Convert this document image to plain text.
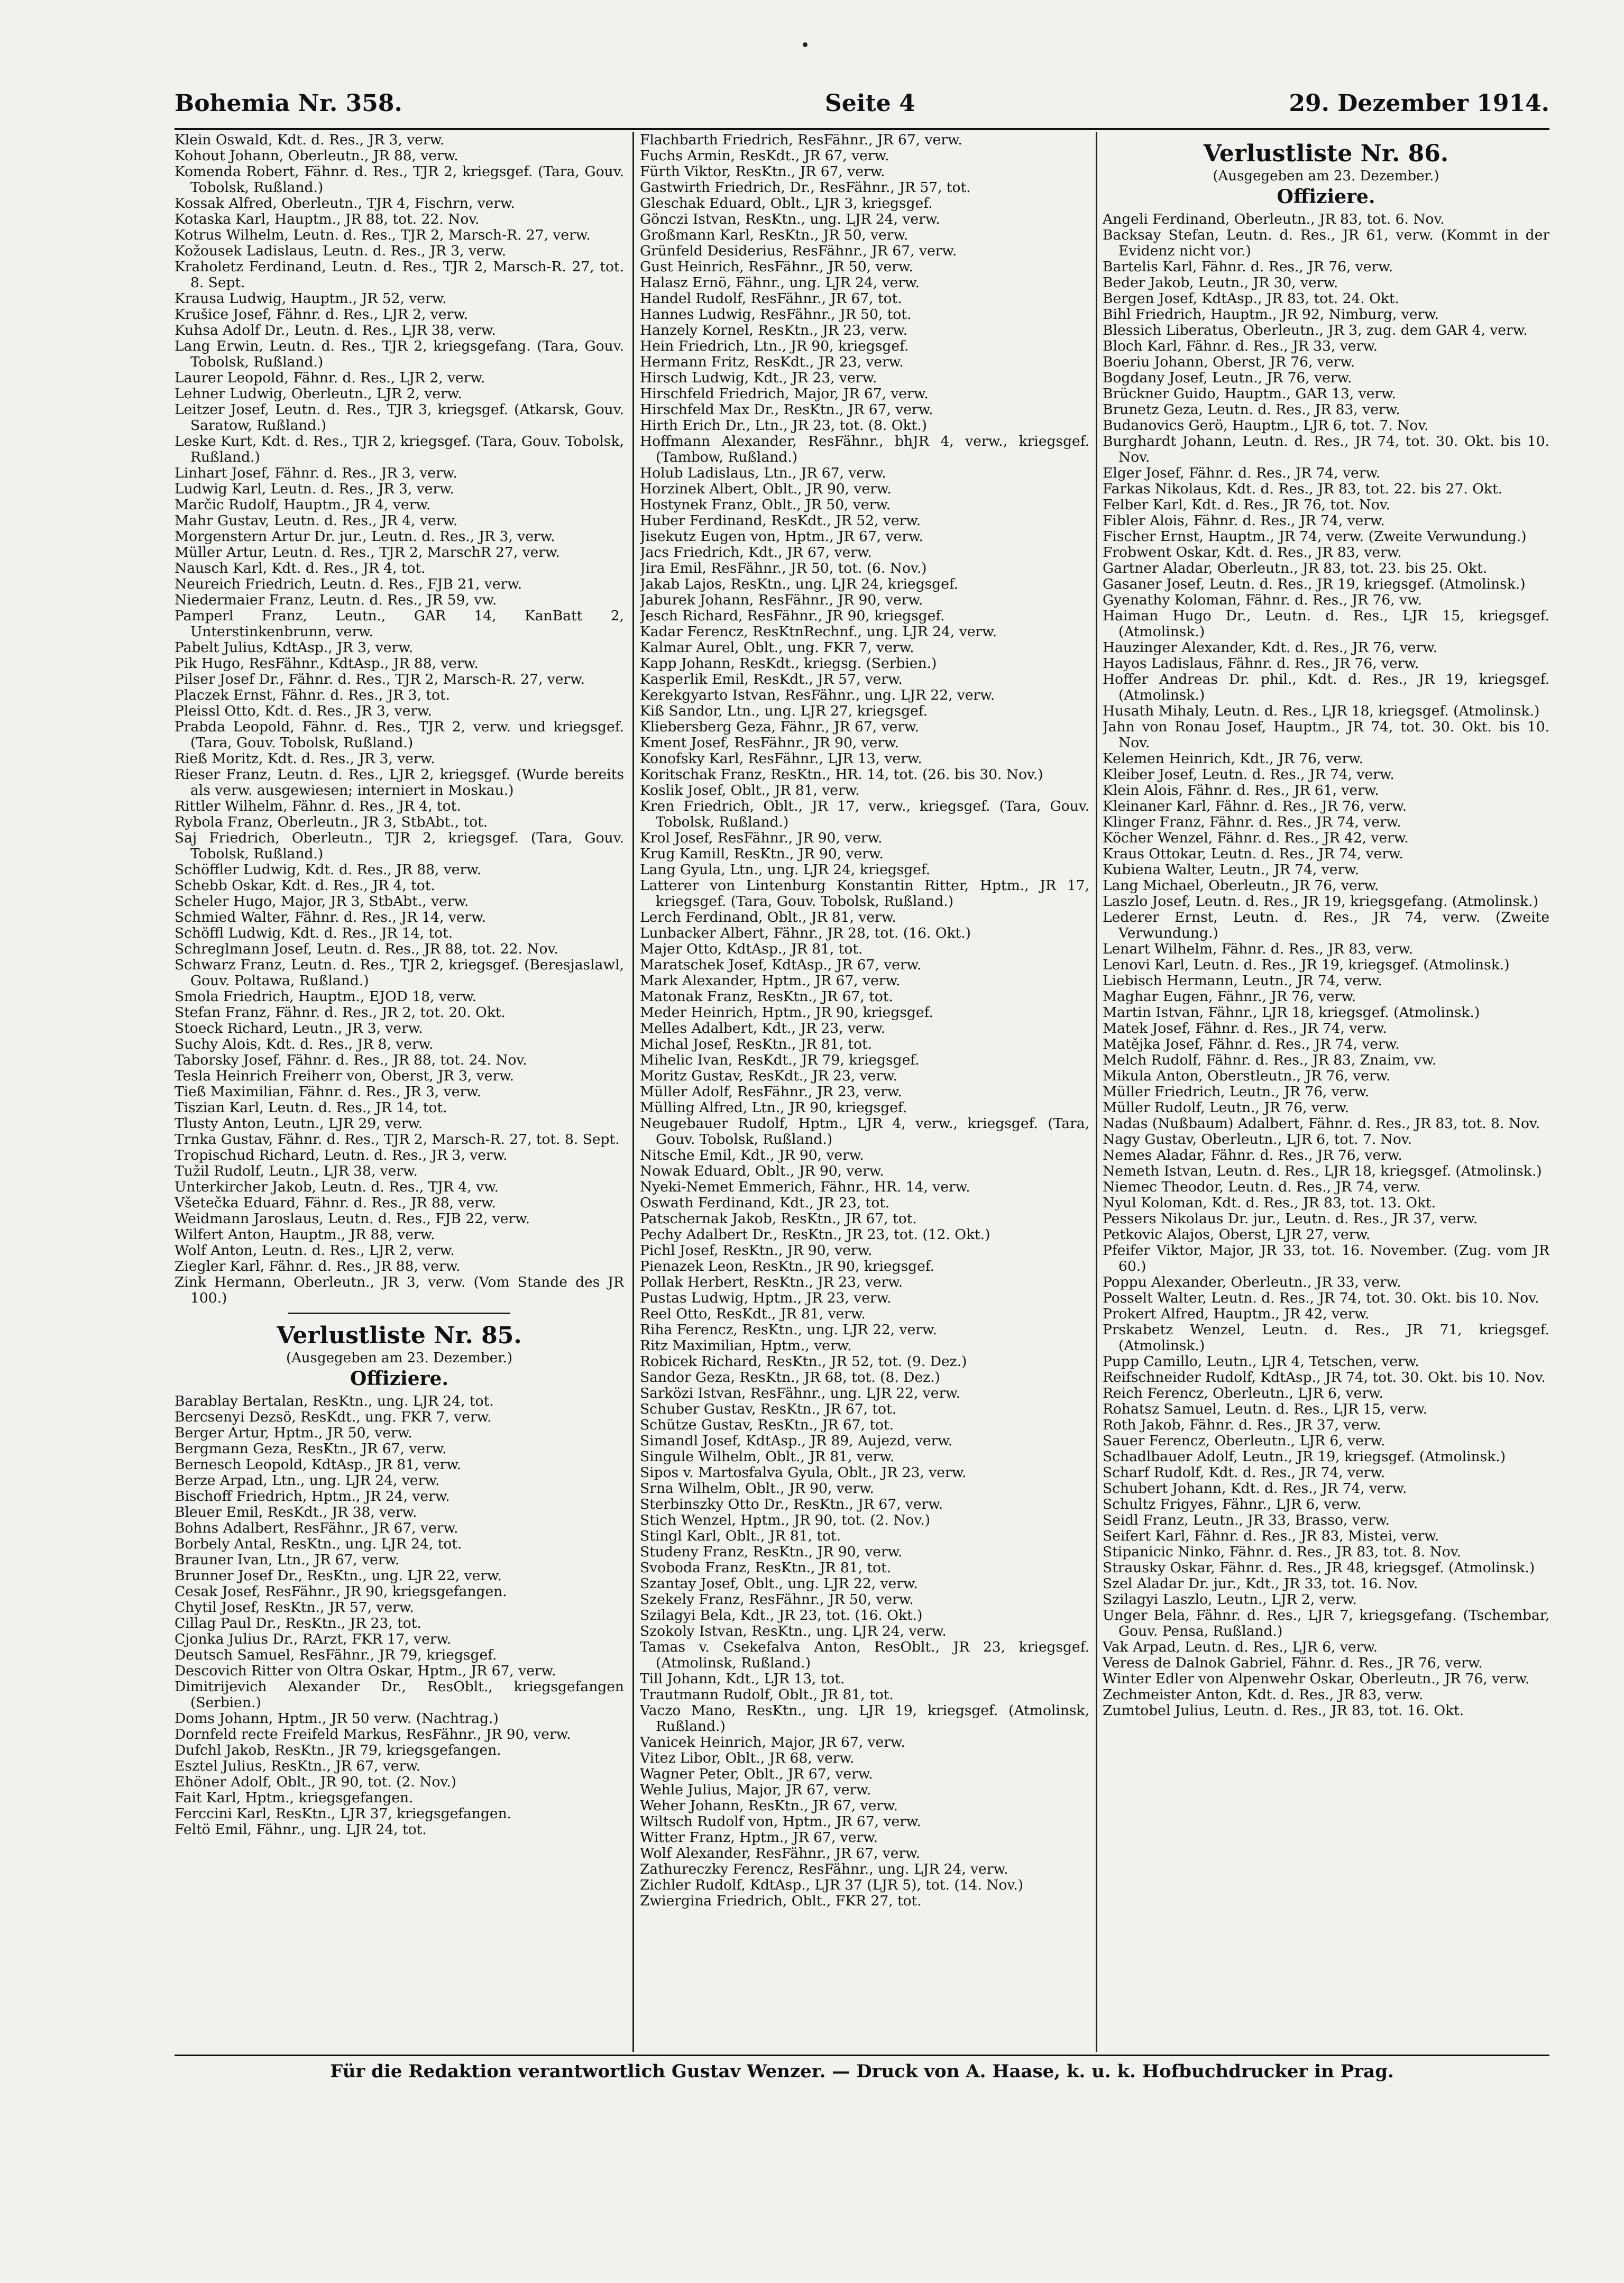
Bohemia Nr. 358.	Seite 4	29. Dezember 1914.

Klein Oswald, Kdt. d. Res., JR 3, verw.

Kohout Johann, Oberleutn., JR 88, verw.

Komenda Robert, Fähnr. d. Res., TJR 2, kriegsgef. (Tara, Gouv. Tobolsk, Rußland.)

Kossak Alfred, Oberleutn., TJR 4, Fischrn, verw.

Kotaska Karl, Hauptm., JR 88, tot. 22. Nov.

Kotrus Wilhelm, Leutn. d. Res., TJR 2, Marsch-R. 27, verw.

Kožousek Ladislaus, Leutn. d. Res., JR 3, verw.

Kraholetz Ferdinand, Leutn. d. Res., TJR 2, Marsch-R. 27, tot. 8. Sept.

Krausa Ludwig, Hauptm., JR 52, verw.

Krušice Josef, Fähnr. d. Res., LJR 2, verw.

Kuhsa Adolf Dr., Leutn. d. Res., LJR 38, verw.

Lang Erwin, Leutn. d. Res., TJR 2, kriegsgefang. (Tara, Gouv. Tobolsk, Rußland.)

Laurer Leopold, Fähnr. d. Res., LJR 2, verw.

Lehner Ludwig, Oberleutn., LJR 2, verw.

Leitzer Josef, Leutn. d. Res., TJR 3, kriegsgef. (Atkarsk, Gouv. Saratow, Rußland.)

Leske Kurt, Kdt. d. Res., TJR 2, kriegsgef. (Tara, Gouv. Tobolsk, Rußland.)

Linhart Josef, Fähnr. d. Res., JR 3, verw.

Ludwig Karl, Leutn. d. Res., JR 3, verw.

Marčic Rudolf, Hauptm., JR 4, verw.

Mahr Gustav, Leutn. d. Res., JR 4, verw.

Morgenstern Artur Dr. jur., Leutn. d. Res., JR 3, verw.

Müller Artur, Leutn. d. Res., TJR 2, MarschR 27, verw.

Nausch Karl, Kdt. d. Res., JR 4, tot.

Neureich Friedrich, Leutn. d. Res., FJB 21, verw.

Niedermaier Franz, Leutn. d. Res., JR 59, vw.

Pamperl Franz, Leutn., GAR 14, KanBatt 2, Unterstinkenbrunn, verw.

Pabelt Julius, KdtAsp., JR 3, verw.

Pik Hugo, ResFähnr., KdtAsp., JR 88, verw.

Pilser Josef Dr., Fähnr. d. Res., TJR 2, Marsch-R. 27, verw.

Placzek Ernst, Fähnr. d. Res., JR 3, tot.

Pleissl Otto, Kdt. d. Res., JR 3, verw.

Prabda Leopold, Fähnr. d. Res., TJR 2, verw. und kriegsgef. (Tara, Gouv. Tobolsk, Rußland.)

Rieß Moritz, Kdt. d. Res., JR 3, verw.

Rieser Franz, Leutn. d. Res., LJR 2, kriegsgef. (Wurde bereits als verw. ausgewiesen; interniert in Moskau.)

Rittler Wilhelm, Fähnr. d. Res., JR 4, tot.

Rybola Franz, Oberleutn., JR 3, StbAbt., tot.

Saj Friedrich, Oberleutn., TJR 2, kriegsgef. (Tara, Gouv. Tobolsk, Rußland.)

Schöffler Ludwig, Kdt. d. Res., JR 88, verw.

Schebb Oskar, Kdt. d. Res., JR 4, tot.

Scheler Hugo, Major, JR 3, StbAbt., verw.

Schmied Walter, Fähnr. d. Res., JR 14, verw.

Schöffl Ludwig, Kdt. d. Res., JR 14, tot.

Schreglmann Josef, Leutn. d. Res., JR 88, tot. 22. Nov.

Schwarz Franz, Leutn. d. Res., TJR 2, kriegsgef. (Beresjaslawl, Gouv. Poltawa, Rußland.)

Smola Friedrich, Hauptm., EJOD 18, verw.

Stefan Franz, Fähnr. d. Res., JR 2, tot. 20. Okt.

Stoeck Richard, Leutn., JR 3, verw.

Suchy Alois, Kdt. d. Res., JR 8, verw.

Taborsky Josef, Fähnr. d. Res., JR 88, tot. 24. Nov.

Tesla Heinrich Freiherr von, Oberst, JR 3, verw.

Tieß Maximilian, Fähnr. d. Res., JR 3, verw.

Tiszian Karl, Leutn. d. Res., JR 14, tot.

Tlusty Anton, Leutn., LJR 29, verw.

Trnka Gustav, Fähnr. d. Res., TJR 2, Marsch-R. 27, tot. 8. Sept.

Tropischud Richard, Leutn. d. Res., JR 3, verw.

Tužil Rudolf, Leutn., LJR 38, verw.

Unterkircher Jakob, Leutn. d. Res., TJR 4, vw.

Všetečka Eduard, Fähnr. d. Res., JR 88, verw.

Weidmann Jaroslaus, Leutn. d. Res., FJB 22, verw.

Wilfert Anton, Hauptm., JR 88, verw.

Wolf Anton, Leutn. d. Res., LJR 2, verw.

Ziegler Karl, Fähnr. d. Res., JR 88, verw.

Zink Hermann, Oberleutn., JR 3, verw. (Vom Stande des JR 100.)

Verlustliste Nr. 85.
(Ausgegeben am 23. Dezember.)
Offiziere.

Barablay Bertalan, ResKtn., ung. LJR 24, tot.

Bercsenyi Dezsö, ResKdt., ung. FKR 7, verw.

Berger Artur, Hptm., JR 50, verw.

Bergmann Geza, ResKtn., JR 67, verw.

Bernesch Leopold, KdtAsp., JR 81, verw.

Berze Arpad, Ltn., ung. LJR 24, verw.

Bischoff Friedrich, Hptm., JR 24, verw.

Bleuer Emil, ResKdt., JR 38, verw.

Bohns Adalbert, ResFähnr., JR 67, verw.

Borbely Antal, ResKtn., ung. LJR 24, tot.

Brauner Ivan, Ltn., JR 67, verw.

Brunner Josef Dr., ResKtn., ung. LJR 22, verw.

Cesak Josef, ResFähnr., JR 90, kriegsgefangen.

Chytil Josef, ResKtn., JR 57, verw.

Cillag Paul Dr., ResKtn., JR 23, tot.

Cjonka Julius Dr., RArzt, FKR 17, verw.

Deutsch Samuel, ResFähnr., JR 79, kriegsgef.

Descovich Ritter von Oltra Oskar, Hptm., JR 67, verw.

Dimitrijevich Alexander Dr., ResOblt., kriegsgefangen (Serbien.)

Doms Johann, Hptm., JR 50 verw. (Nachtrag.)

Dornfeld recte Freifeld Markus, ResFähnr., JR 90, verw.

Dufchl Jakob, ResKtn., JR 79, kriegsgefangen.

Esztel Julius, ResKtn., JR 67, verw.

Ehöner Adolf, Oblt., JR 90, tot. (2. Nov.)

Fait Karl, Hptm., kriegsgefangen.

Ferccini Karl, ResKtn., LJR 37, kriegsgefangen.

Feltö Emil, Fähnr., ung. LJR 24, tot.

Flachbarth Friedrich, ResFähnr., JR 67, verw.

Fuchs Armin, ResKdt., JR 67, verw.

Fürth Viktor, ResKtn., JR 67, verw.

Gastwirth Friedrich, Dr., ResFähnr., JR 57, tot.

Gleschak Eduard, Oblt., LJR 3, kriegsgef.

Gönczi Istvan, ResKtn., ung. LJR 24, verw.

Großmann Karl, ResKtn., JR 50, verw.

Grünfeld Desiderius, ResFähnr., JR 67, verw.

Gust Heinrich, ResFähnr., JR 50, verw.

Halasz Ernö, Fähnr., ung. LJR 24, verw.

Handel Rudolf, ResFähnr., JR 67, tot.

Hannes Ludwig, ResFähnr., JR 50, tot.

Hanzely Kornel, ResKtn., JR 23, verw.

Hein Friedrich, Ltn., JR 90, kriegsgef.

Hermann Fritz, ResKdt., JR 23, verw.

Hirsch Ludwig, Kdt., JR 23, verw.

Hirschfeld Friedrich, Major, JR 67, verw.

Hirschfeld Max Dr., ResKtn., JR 67, verw.

Hirth Erich Dr., Ltn., JR 23, tot. (8. Okt.)

Hoffmann Alexander, ResFähnr., bhJR 4, verw., kriegsgef. (Tambow, Rußland.)

Holub Ladislaus, Ltn., JR 67, verw.

Horzinek Albert, Oblt., JR 90, verw.

Hostynek Franz, Oblt., JR 50, verw.

Huber Ferdinand, ResKdt., JR 52, verw.

Jisekutz Eugen von, Hptm., JR 67, verw.

Jacs Friedrich, Kdt., JR 67, verw.

Jira Emil, ResFähnr., JR 50, tot. (6. Nov.)

Jakab Lajos, ResKtn., ung. LJR 24, kriegsgef.

Jaburek Johann, ResFähnr., JR 90, verw.

Jesch Richard, ResFähnr., JR 90, kriegsgef.

Kadar Ferencz, ResKtnRechnf., ung. LJR 24, verw.

Kalmar Aurel, Oblt., ung. FKR 7, verw.

Kapp Johann, ResKdt., kriegsg. (Serbien.)

Kasperlik Emil, ResKdt., JR 57, verw.

Kerekgyarto Istvan, ResFähnr., ung. LJR 22, verw.

Kiß Sandor, Ltn., ung. LJR 27, kriegsgef.

Kliebersberg Geza, Fähnr., JR 67, verw.

Kment Josef, ResFähnr., JR 90, verw.

Konofsky Karl, ResFähnr., LJR 13, verw.

Koritschak Franz, ResKtn., HR. 14, tot. (26. bis 30. Nov.)

Koslik Josef, Oblt., JR 81, verw.

Kren Friedrich, Oblt., JR 17, verw., kriegsgef. (Tara, Gouv. Tobolsk, Rußland.)

Krol Josef, ResFähnr., JR 90, verw.

Krug Kamill, ResKtn., JR 90, verw.

Lang Gyula, Ltn., ung. LJR 24, kriegsgef.

Latterer von Lintenburg Konstantin Ritter, Hptm., JR 17, kriegsgef. (Tara, Gouv. Tobolsk, Rußland.)

Lerch Ferdinand, Oblt., JR 81, verw.

Lunbacker Albert, Fähnr., JR 28, tot. (16. Okt.)

Majer Otto, KdtAsp., JR 81, tot.

Maratschek Josef, KdtAsp., JR 67, verw.

Mark Alexander, Hptm., JR 67, verw.

Matonak Franz, ResKtn., JR 67, tot.

Meder Heinrich, Hptm., JR 90, kriegsgef.

Melles Adalbert, Kdt., JR 23, verw.

Michal Josef, ResKtn., JR 81, tot.

Mihelic Ivan, ResKdt., JR 79, kriegsgef.

Moritz Gustav, ResKdt., JR 23, verw.

Müller Adolf, ResFähnr., JR 23, verw.

Mülling Alfred, Ltn., JR 90, kriegsgef.

Neugebauer Rudolf, Hptm., LJR 4, verw., kriegsgef. (Tara, Gouv. Tobolsk, Rußland.)

Nitsche Emil, Kdt., JR 90, verw.

Nowak Eduard, Oblt., JR 90, verw.

Nyeki-Nemet Emmerich, Fähnr., HR. 14, verw.

Oswath Ferdinand, Kdt., JR 23, tot.

Patschernak Jakob, ResKtn., JR 67, tot.

Pechy Adalbert Dr., ResKtn., JR 23, tot. (12. Okt.)

Pichl Josef, ResKtn., JR 90, verw.

Pienazek Leon, ResKtn., JR 90, kriegsgef.

Pollak Herbert, ResKtn., JR 23, verw.

Pustas Ludwig, Hptm., JR 23, verw.

Reel Otto, ResKdt., JR 81, verw.

Riha Ferencz, ResKtn., ung. LJR 22, verw.

Ritz Maximilian, Hptm., verw.

Robicek Richard, ResKtn., JR 52, tot. (9. Dez.)

Sandor Geza, ResKtn., JR 68, tot. (8. Dez.)

Sarközi Istvan, ResFähnr., ung. LJR 22, verw.

Schuber Gustav, ResKtn., JR 67, tot.

Schütze Gustav, ResKtn., JR 67, tot.

Simandl Josef, KdtAsp., JR 89, Aujezd, verw.

Singule Wilhelm, Oblt., JR 81, verw.

Sipos v. Martosfalva Gyula, Oblt., JR 23, verw.

Srna Wilhelm, Oblt., JR 90, verw.

Sterbinszky Otto Dr., ResKtn., JR 67, verw.

Stich Wenzel, Hptm., JR 90, tot. (2. Nov.)

Stingl Karl, Oblt., JR 81, tot.

Studeny Franz, ResKtn., JR 90, verw.

Svoboda Franz, ResKtn., JR 81, tot.

Szantay Josef, Oblt., ung. LJR 22, verw.

Szekely Franz, ResFähnr., JR 50, verw.

Szilagyi Bela, Kdt., JR 23, tot. (16. Okt.)

Szokoly Istvan, ResKtn., ung. LJR 24, verw.

Tamas v. Csekefalva Anton, ResOblt., JR 23, kriegsgef. (Atmolinsk, Rußland.)

Till Johann, Kdt., LJR 13, tot.

Trautmann Rudolf, Oblt., JR 81, tot.

Vaczo Mano, ResKtn., ung. LJR 19, kriegsgef. (Atmolinsk, Rußland.)

Vanicek Heinrich, Major, JR 67, verw.

Vitez Libor, Oblt., JR 68, verw.

Wagner Peter, Oblt., JR 67, verw.

Wehle Julius, Major, JR 67, verw.

Weher Johann, ResKtn., JR 67, verw.

Wiltsch Rudolf von, Hptm., JR 67, verw.

Witter Franz, Hptm., JR 67, verw.

Wolf Alexander, ResFähnr., JR 67, verw.

Zathureczky Ferencz, ResFähnr., ung. LJR 24, verw.

Zichler Rudolf, KdtAsp., LJR 37 (LJR 5), tot. (14. Nov.)

Zwiergina Friedrich, Oblt., FKR 27, tot.

Verlustliste Nr. 86.
(Ausgegeben am 23. Dezember.)
Offiziere.

Angeli Ferdinand, Oberleutn., JR 83, tot. 6. Nov.

Backsay Stefan, Leutn. d. Res., JR 61, verw. (Kommt in der Evidenz nicht vor.)

Bartelis Karl, Fähnr. d. Res., JR 76, verw.

Beder Jakob, Leutn., JR 30, verw.

Bergen Josef, KdtAsp., JR 83, tot. 24. Okt.

Bihl Friedrich, Hauptm., JR 92, Nimburg, verw.

Blessich Liberatus, Oberleutn., JR 3, zug. dem GAR 4, verw.

Bloch Karl, Fähnr. d. Res., JR 33, verw.

Boeriu Johann, Oberst, JR 76, verw.

Bogdany Josef, Leutn., JR 76, verw.

Brückner Guido, Hauptm., GAR 13, verw.

Brunetz Geza, Leutn. d. Res., JR 83, verw.

Budanovics Gerö, Hauptm., LJR 6, tot. 7. Nov.

Burghardt Johann, Leutn. d. Res., JR 74, tot. 30. Okt. bis 10. Nov.

Elger Josef, Fähnr. d. Res., JR 74, verw.

Farkas Nikolaus, Kdt. d. Res., JR 83, tot. 22. bis 27. Okt.

Felber Karl, Kdt. d. Res., JR 76, tot. Nov.

Fibler Alois, Fähnr. d. Res., JR 74, verw.

Fischer Ernst, Hauptm., JR 74, verw. (Zweite Verwundung.)

Frobwent Oskar, Kdt. d. Res., JR 83, verw.

Gartner Aladar, Oberleutn., JR 83, tot. 23. bis 25. Okt.

Gasaner Josef, Leutn. d. Res., JR 19, kriegsgef. (Atmolinsk.)

Gyenathy Koloman, Fähnr. d. Res., JR 76, vw.

Haiman Hugo Dr., Leutn. d. Res., LJR 15, kriegsgef. (Atmolinsk.)

Hauzinger Alexander, Kdt. d. Res., JR 76, verw.

Hayos Ladislaus, Fähnr. d. Res., JR 76, verw.

Hoffer Andreas Dr. phil., Kdt. d. Res., JR 19, kriegsgef. (Atmolinsk.)

Husath Mihaly, Leutn. d. Res., LJR 18, kriegsgef. (Atmolinsk.)

Jahn von Ronau Josef, Hauptm., JR 74, tot. 30. Okt. bis 10. Nov.

Kelemen Heinrich, Kdt., JR 76, verw.

Kleiber Josef, Leutn. d. Res., JR 74, verw.

Klein Alois, Fähnr. d. Res., JR 61, verw.

Kleinaner Karl, Fähnr. d. Res., JR 76, verw.

Klinger Franz, Fähnr. d. Res., JR 74, verw.

Köcher Wenzel, Fähnr. d. Res., JR 42, verw.

Kraus Ottokar, Leutn. d. Res., JR 74, verw.

Kubiena Walter, Leutn., JR 74, verw.

Lang Michael, Oberleutn., JR 76, verw.

Laszlo Josef, Leutn. d. Res., JR 19, kriegsgefang. (Atmolinsk.)

Lederer Ernst, Leutn. d. Res., JR 74, verw. (Zweite Verwundung.)

Lenart Wilhelm, Fähnr. d. Res., JR 83, verw.

Lenovi Karl, Leutn. d. Res., JR 19, kriegsgef. (Atmolinsk.)

Liebisch Hermann, Leutn., JR 74, verw.

Maghar Eugen, Fähnr., JR 76, verw.

Martin Istvan, Fähnr., LJR 18, kriegsgef. (Atmolinsk.)

Matek Josef, Fähnr. d. Res., JR 74, verw.

Matějka Josef, Fähnr. d. Res., JR 74, verw.

Melch Rudolf, Fähnr. d. Res., JR 83, Znaim, vw.

Mikula Anton, Oberstleutn., JR 76, verw.

Müller Friedrich, Leutn., JR 76, verw.

Müller Rudolf, Leutn., JR 76, verw.

Nadas (Nußbaum) Adalbert, Fähnr. d. Res., JR 83, tot. 8. Nov.

Nagy Gustav, Oberleutn., LJR 6, tot. 7. Nov.

Nemes Aladar, Fähnr. d. Res., JR 76, verw.

Nemeth Istvan, Leutn. d. Res., LJR 18, kriegsgef. (Atmolinsk.)

Niemec Theodor, Leutn. d. Res., JR 74, verw.

Nyul Koloman, Kdt. d. Res., JR 83, tot. 13. Okt.

Pessers Nikolaus Dr. jur., Leutn. d. Res., JR 37, verw.

Petkovic Alajos, Oberst, LJR 27, verw.

Pfeifer Viktor, Major, JR 33, tot. 16. November. (Zug. vom JR 60.)

Poppu Alexander, Oberleutn., JR 33, verw.

Posselt Walter, Leutn. d. Res., JR 74, tot. 30. Okt. bis 10. Nov.

Prokert Alfred, Hauptm., JR 42, verw.

Prskabetz Wenzel, Leutn. d. Res., JR 71, kriegsgef. (Atmolinsk.)

Pupp Camillo, Leutn., LJR 4, Tetschen, verw.

Reifschneider Rudolf, KdtAsp., JR 74, tot. 30. Okt. bis 10. Nov.

Reich Ferencz, Oberleutn., LJR 6, verw.

Rohatsz Samuel, Leutn. d. Res., LJR 15, verw.

Roth Jakob, Fähnr. d. Res., JR 37, verw.

Sauer Ferencz, Oberleutn., LJR 6, verw.

Schadlbauer Adolf, Leutn., JR 19, kriegsgef. (Atmolinsk.)

Scharf Rudolf, Kdt. d. Res., JR 74, verw.

Schubert Johann, Kdt. d. Res., JR 74, verw.

Schultz Frigyes, Fähnr., LJR 6, verw.

Seidl Franz, Leutn., JR 33, Brasso, verw.

Seifert Karl, Fähnr. d. Res., JR 83, Mistei, verw.

Stipanicic Ninko, Fähnr. d. Res., JR 83, tot. 8. Nov.

Strausky Oskar, Fähnr. d. Res., JR 48, kriegsgef. (Atmolinsk.)

Szel Aladar Dr. jur., Kdt., JR 33, tot. 16. Nov.

Szilagyi Laszlo, Leutn., LJR 2, verw.

Unger Bela, Fähnr. d. Res., LJR 7, kriegsgefang. (Tschembar, Gouv. Pensa, Rußland.)

Vak Arpad, Leutn. d. Res., LJR 6, verw.

Veress de Dalnok Gabriel, Fähnr. d. Res., JR 76, verw.

Winter Edler von Alpenwehr Oskar, Oberleutn., JR 76, verw.

Zechmeister Anton, Kdt. d. Res., JR 83, verw.

Zumtobel Julius, Leutn. d. Res., JR 83, tot. 16. Okt.

Für die Redaktion verantwortlich Gustav Wenzer. — Druck von A. Haase, k. u. k. Hofbuchdrucker in Prag.
